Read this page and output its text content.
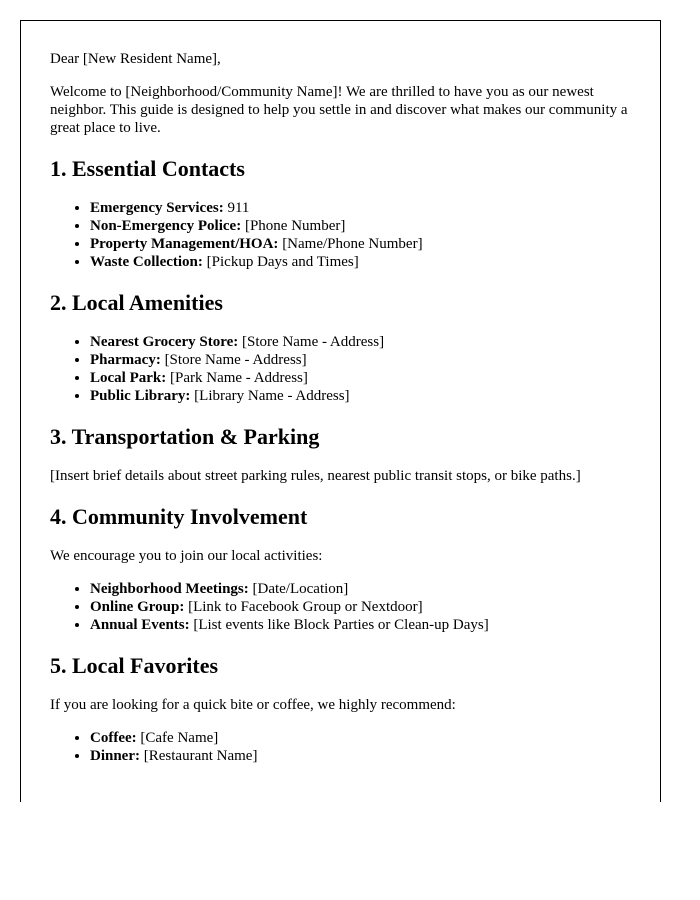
Dear [New Resident Name],

Welcome to [Neighborhood/Community Name]! We are thrilled to have you as our newest neighbor. This guide is designed to help you settle in and discover what makes our community a great place to live.

1. Essential Contacts
• Emergency Services: 911
• Non-Emergency Police: [Phone Number]
• Property Management/HOA: [Name/Phone Number]
• Waste Collection: [Pickup Days and Times]
2. Local Amenities
• Nearest Grocery Store: [Store Name - Address]
• Pharmacy: [Store Name - Address]
• Local Park: [Park Name - Address]
• Public Library: [Library Name - Address]
3. Transportation & Parking

[Insert brief details about street parking rules, nearest public transit stops, or bike paths.]

4. Community Involvement

We encourage you to join our local activities:

• Neighborhood Meetings: [Date/Location]
• Online Group: [Link to Facebook Group or Nextdoor]
• Annual Events: [List events like Block Parties or Clean-up Days]
5. Local Favorites

If you are looking for a quick bite or coffee, we highly recommend:

• Coffee: [Cafe Name]
• Dinner: [Restaurant Name]
